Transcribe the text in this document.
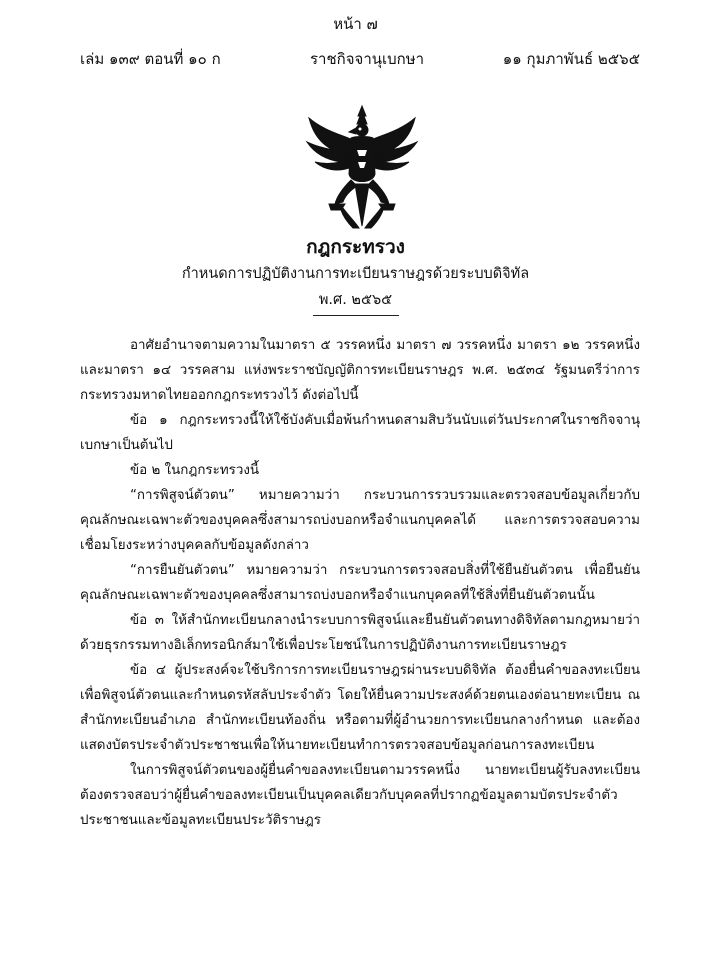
หน้า ๗
เล่ม ๑๓๙ ตอนที่ ๑๐ ก	ราชกิจจานุเบกษา	๑๑ กุมภาพันธ์ ๒๕๖๕
กฎกระทรวง
กำหนดการปฏิบัติงานการทะเบียนราษฎรด้วยระบบดิจิทัล
พ.ศ. ๒๕๖๕

อาศัยอำนาจตามความในมาตรา ๕ วรรคหนึ่ง มาตรา ๗ วรรคหนึ่ง มาตรา ๑๒ วรรคหนึ่ง และมาตรา ๑๔ วรรคสาม แห่งพระราชบัญญัติการทะเบียนราษฎร พ.ศ. ๒๕๓๔ รัฐมนตรีว่าการกระทรวงมหาดไทยออกกฎกระทรวงไว้ ดังต่อไปนี้

ข้อ ๑ กฎกระทรวงนี้ให้ใช้บังคับเมื่อพ้นกำหนดสามสิบวันนับแต่วันประกาศในราชกิจจานุเบกษาเป็นต้นไป

ข้อ ๒ ในกฎกระทรวงนี้

“การพิสูจน์ตัวตน” หมายความว่า กระบวนการรวบรวมและตรวจสอบข้อมูลเกี่ยวกับคุณลักษณะเฉพาะตัวของบุคคลซึ่งสามารถบ่งบอกหรือจำแนกบุคคลได้ และการตรวจสอบความเชื่อมโยงระหว่างบุคคลกับข้อมูลดังกล่าว

“การยืนยันตัวตน” หมายความว่า กระบวนการตรวจสอบสิ่งที่ใช้ยืนยันตัวตน เพื่อยืนยันคุณลักษณะเฉพาะตัวของบุคคลซึ่งสามารถบ่งบอกหรือจำแนกบุคคลที่ใช้สิ่งที่ยืนยันตัวตนนั้น

ข้อ ๓ ให้สำนักทะเบียนกลางนำระบบการพิสูจน์และยืนยันตัวตนทางดิจิทัลตามกฎหมายว่าด้วยธุรกรรมทางอิเล็กทรอนิกส์มาใช้เพื่อประโยชน์ในการปฏิบัติงานการทะเบียนราษฎร

ข้อ ๔ ผู้ประสงค์จะใช้บริการการทะเบียนราษฎรผ่านระบบดิจิทัล ต้องยื่นคำขอลงทะเบียนเพื่อพิสูจน์ตัวตนและกำหนดรหัสลับประจำตัว โดยให้ยื่นความประสงค์ด้วยตนเองต่อนายทะเบียน ณ สำนักทะเบียนอำเภอ สำนักทะเบียนท้องถิ่น หรือตามที่ผู้อำนวยการทะเบียนกลางกำหนด และต้องแสดงบัตรประจำตัวประชาชนเพื่อให้นายทะเบียนทำการตรวจสอบข้อมูลก่อนการลงทะเบียน

ในการพิสูจน์ตัวตนของผู้ยื่นคำขอลงทะเบียนตามวรรคหนึ่ง นายทะเบียนผู้รับลงทะเบียนต้องตรวจสอบว่าผู้ยื่นคำขอลงทะเบียนเป็นบุคคลเดียวกับบุคคลที่ปรากฏข้อมูลตามบัตรประจำตัวประชาชนและข้อมูลทะเบียนประวัติราษฎร
